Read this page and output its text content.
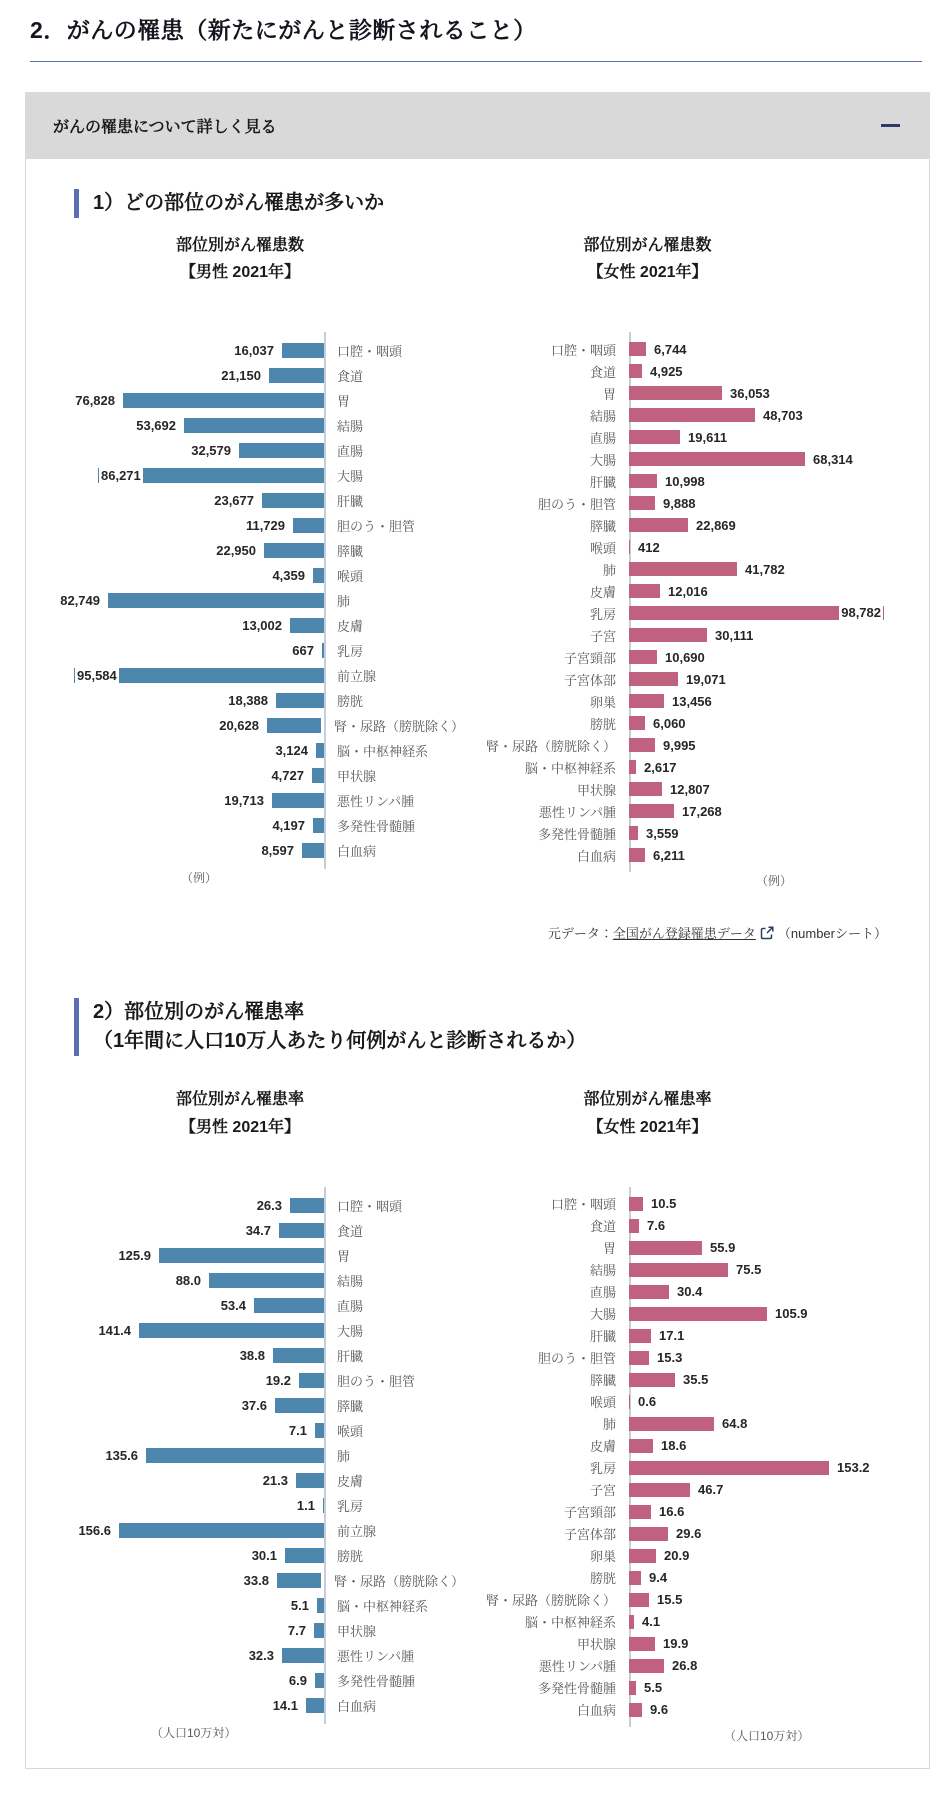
2．がんの罹患（新たにがんと診断されること）
がんの罹患について詳しく見る
1）どの部位のがん罹患が多いか
部位別がん罹患数
【男性 2021年】
16,037	口腔・咽頭
21,150	食道
76,828	胃
53,692	結腸
32,579	直腸
86,271	大腸
23,677	肝臓
11,729	胆のう・胆管
22,950	膵臓
4,359	喉頭
82,749	肺
13,002	皮膚
667	乳房
95,584	前立腺
18,388	膀胱
20,628	腎・尿路（膀胱除く）
3,124	脳・中枢神経系
4,727	甲状腺
19,713	悪性リンパ腫
4,197	多発性骨髄腫
8,597	白血病
（例）
部位別がん罹患数
【女性 2021年】
口腔・咽頭	6,744
食道	4,925
胃	36,053
結腸	48,703
直腸	19,611
大腸	68,314
肝臓	10,998
胆のう・胆管	9,888
膵臓	22,869
喉頭	412
肺	41,782
皮膚	12,016
乳房	98,782
子宮	30,111
子宮頸部	10,690
子宮体部	19,071
卵巣	13,456
膀胱	6,060
腎・尿路（膀胱除く）	9,995
脳・中枢神経系	2,617
甲状腺	12,807
悪性リンパ腫	17,268
多発性骨髄腫	3,559
白血病	6,211
（例）

元データ：全国がん登録罹患データ （numberシート）

2）部位別のがん罹患率
（1年間に人口10万人あたり何例がんと診断されるか）
部位別がん罹患率
【男性 2021年】
26.3	口腔・咽頭
34.7	食道
125.9	胃
88.0	結腸
53.4	直腸
141.4	大腸
38.8	肝臓
19.2	胆のう・胆管
37.6	膵臓
7.1	喉頭
135.6	肺
21.3	皮膚
1.1	乳房
156.6	前立腺
30.1	膀胱
33.8	腎・尿路（膀胱除く）
5.1	脳・中枢神経系
7.7	甲状腺
32.3	悪性リンパ腫
6.9	多発性骨髄腫
14.1	白血病
（人口10万対）
部位別がん罹患率
【女性 2021年】
口腔・咽頭	10.5
食道	7.6
胃	55.9
結腸	75.5
直腸	30.4
大腸	105.9
肝臓	17.1
胆のう・胆管	15.3
膵臓	35.5
喉頭	0.6
肺	64.8
皮膚	18.6
乳房	153.2
子宮	46.7
子宮頸部	16.6
子宮体部	29.6
卵巣	20.9
膀胱	9.4
腎・尿路（膀胱除く）	15.5
脳・中枢神経系	4.1
甲状腺	19.9
悪性リンパ腫	26.8
多発性骨髄腫	5.5
白血病	9.6
（人口10万対）
